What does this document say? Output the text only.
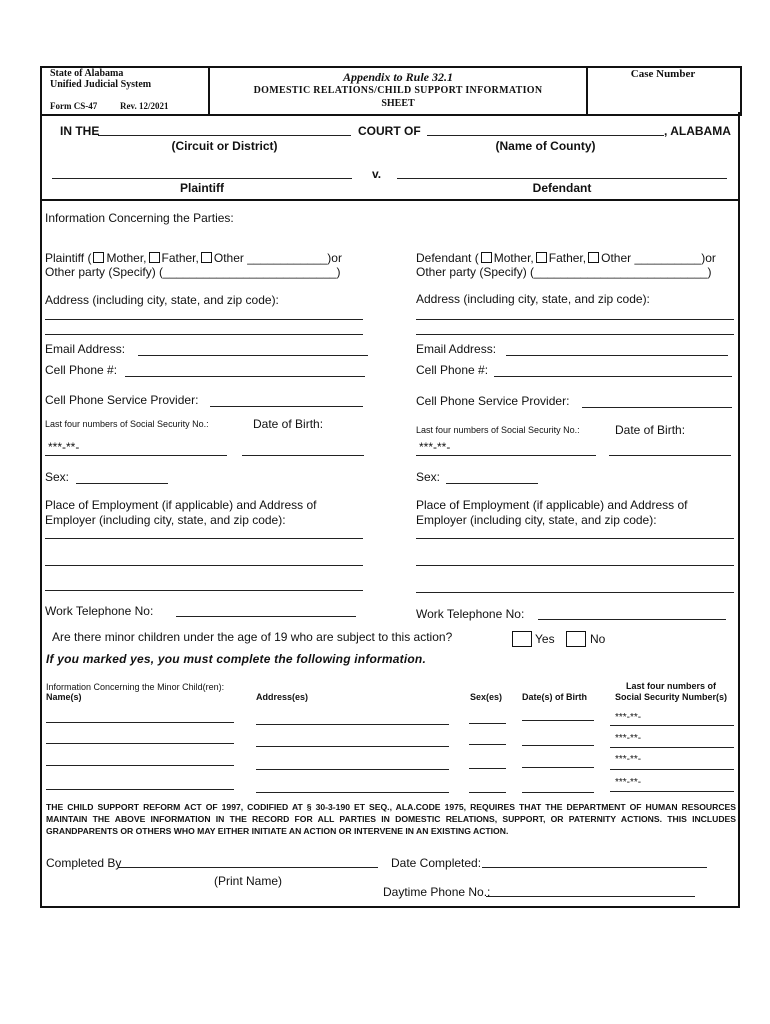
State of Alabama
Unified Judicial System
Form CS-47	Rev. 12/2021
Appendix to Rule 32.1
DOMESTIC RELATIONS/CHILD SUPPORT INFORMATION
SHEET
Case Number
IN THE	COURT OF	, ALABAMA
(Circuit or District)	(Name of County)
v.
Plaintiff	Defendant
Information Concerning the Parties:
Plaintiff ( Mother, Father, Other ____________)or
Other party (Specify) (__________________________)
Address (including city, state, and zip code):
Email Address:
Cell Phone #:
Cell Phone Service Provider:
Last four numbers of Social Security No.:	Date of Birth:
***-**-
Sex:
Place of Employment (if applicable) and Address of
Employer (including city, state, and zip code):
Work Telephone No:
Defendant ( Mother, Father, Other __________)or
Other party (Specify) (__________________________)
Address (including city, state, and zip code):
Email Address:
Cell Phone #:
Cell Phone Service Provider:
Last four numbers of Social Security No.:	Date of Birth:
***-**-
Sex:
Place of Employment (if applicable) and Address of
Employer (including city, state, and zip code):
Work Telephone No:
Are there minor children under the age of 19 who are subject to this action?	Yes	No
If you marked yes, you must complete the following information.
Information Concerning the Minor Child(ren):
Name(s)	Address(es)	Sex(es) Date(s) of Birth
Last four numbers of
Social Security Number(s)
***-**-
***-**-
***-**-
***-**-
THE CHILD SUPPORT REFORM ACT OF 1997, CODIFIED AT § 30-3-190 ET SEQ., ALA.CODE 1975, REQUIRES THAT THE DEPARTMENT OF HUMAN RESOURCES MAINTAIN THE ABOVE INFORMATION IN THE RECORD FOR ALL PARTIES IN DOMESTIC RELATIONS, SUPPORT, OR PATERNITY ACTIONS. THIS INCLUDES GRANDPARENTS OR OTHERS WHO MAY EITHER INITIATE AN ACTION OR INTERVENE IN AN EXISTING ACTION.
Completed By	Date Completed:
(Print Name)
Daytime Phone No.:
